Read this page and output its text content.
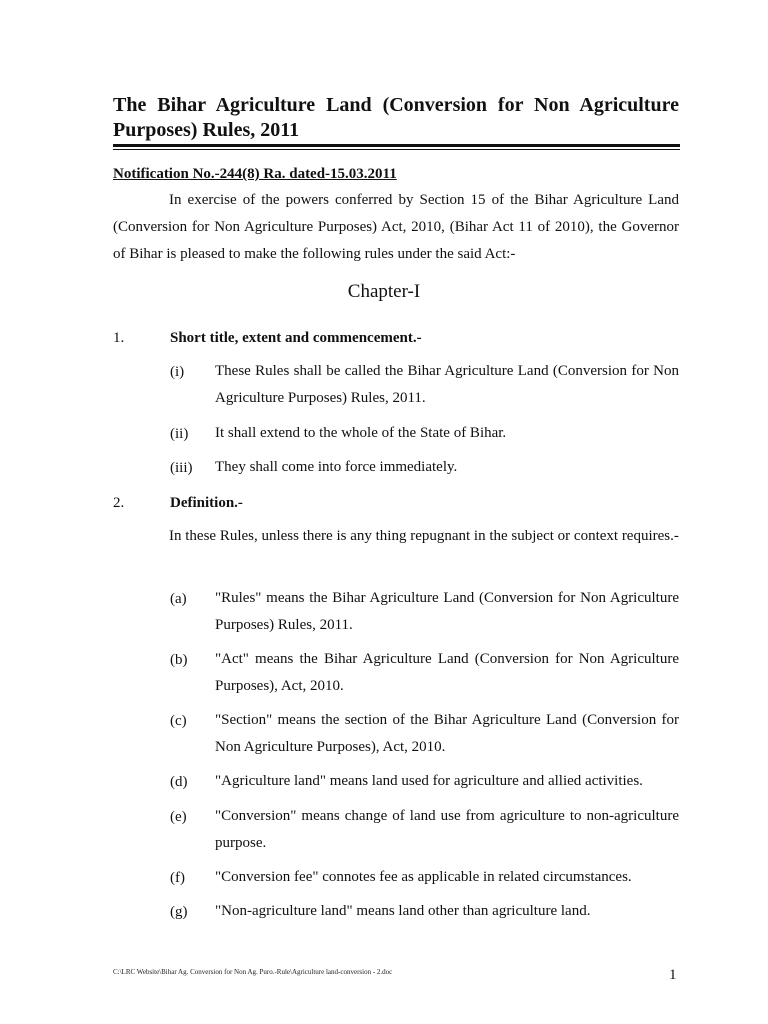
The Bihar Agriculture Land (Conversion for Non Agriculture Purposes) Rules, 2011

Notification No.-244(8) Ra. dated-15.03.2011

In exercise of the powers conferred by Section 15 of the Bihar Agriculture Land (Conversion for Non Agriculture Purposes) Act, 2010, (Bihar Act 11 of 2010), the Governor of Bihar is pleased to make the following rules under the said Act:-

Chapter-I

1.	Short title, extent and commencement.-

(i) These Rules shall be called the Bihar Agriculture Land (Conversion for Non Agriculture Purposes) Rules, 2011.

(ii) It shall extend to the whole of the State of Bihar.

(iii) They shall come into force immediately.

2.	Definition.-

In these Rules, unless there is any thing repugnant in the subject or context requires.-

(a) "Rules" means the Bihar Agriculture Land (Conversion for Non Agriculture Purposes) Rules, 2011.

(b) "Act" means the Bihar Agriculture Land (Conversion for Non Agriculture Purposes), Act, 2010.

(c) "Section" means the section of the Bihar Agriculture Land (Conversion for Non Agriculture Purposes), Act, 2010.

(d) "Agriculture land" means land used for agriculture and allied activities.

(e) "Conversion" means change of land use from agriculture to non-agriculture purpose.

(f) "Conversion fee" connotes fee as applicable in related circumstances.

(g) "Non-agriculture land" means land other than agriculture land.

C:\LRC Website\Bihar Ag. Conversion for Non Ag. Puro.-Rule\Agriculture land-conversion - 2.doc	1
